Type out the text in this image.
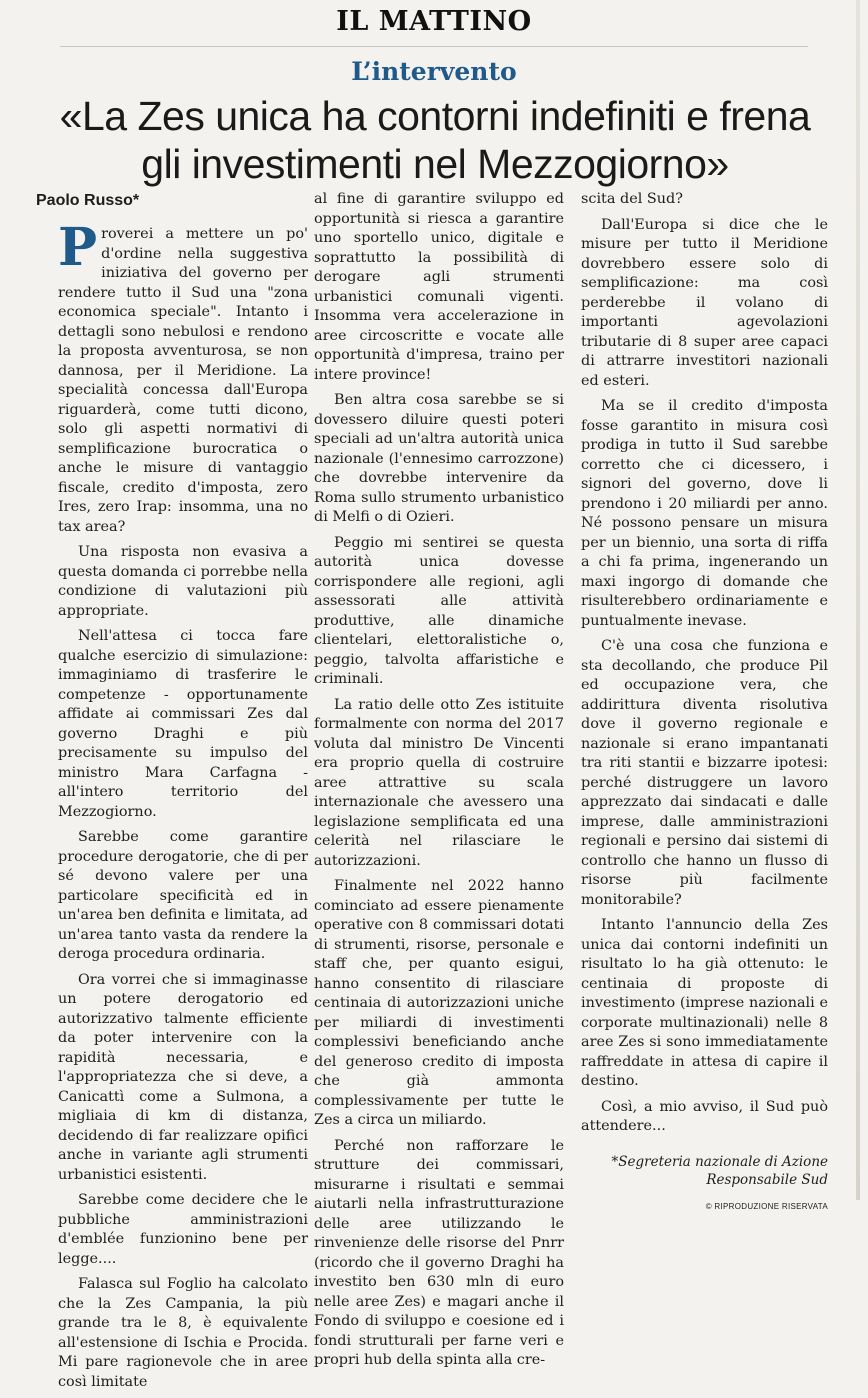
IL MATTINO
L’intervento
«La Zes unica ha contorni indefiniti e frena gli investimenti nel Mezzogiorno»
Paolo Russo*

Proverei a mettere un po' d'ordine nella suggestiva iniziativa del governo per rendere tutto il Sud una "zona economica speciale". Intanto i dettagli sono nebulosi e rendono la proposta avventurosa, se non dannosa, per il Meridione. La specialità concessa dall'Europa riguarderà, come tutti dicono, solo gli aspetti normativi di semplificazione burocratica o anche le misure di vantaggio fiscale, credito d'imposta, zero Ires, zero Irap: insomma, una no tax area?

Una risposta non evasiva a questa domanda ci porrebbe nella condizione di valutazioni più appropriate.

Nell'attesa ci tocca fare qualche esercizio di simulazione: immaginiamo di trasferire le competenze - opportunamente affidate ai commissari Zes dal governo Draghi e più precisamente su impulso del ministro Mara Carfagna - all'intero territorio del Mezzogiorno.

Sarebbe come garantire procedure derogatorie, che di per sé devono valere per una particolare specificità ed in un'area ben definita e limitata, ad un'area tanto vasta da rendere la deroga procedura ordinaria.

Ora vorrei che si immaginasse un potere derogatorio ed autorizzativo talmente efficiente da poter intervenire con la rapidità necessaria, e l'appropriatezza che si deve, a Canicattì come a Sulmona, a migliaia di km di distanza, decidendo di far realizzare opifici anche in variante agli strumenti urbanistici esistenti.

Sarebbe come decidere che le pubbliche amministrazioni d'emblée funzionino bene per legge....

Falasca sul Foglio ha calcolato che la Zes Campania, la più grande tra le 8, è equivalente all'estensione di Ischia e Procida. Mi pare ragionevole che in aree così limitate

al fine di garantire sviluppo ed opportunità si riesca a garantire uno sportello unico, digitale e soprattutto la possibilità di derogare agli strumenti urbanistici comunali vigenti. Insomma vera accelerazione in aree circoscritte e vocate alle opportunità d'impresa, traino per intere province!

Ben altra cosa sarebbe se si dovessero diluire questi poteri speciali ad un'altra autorità unica nazionale (l'ennesimo carrozzone) che dovrebbe intervenire da Roma sullo strumento urbanistico di Melfi o di Ozieri.

Peggio mi sentirei se questa autorità unica dovesse corrispondere alle regioni, agli assessorati alle attività produttive, alle dinamiche clientelari, elettoralistiche o, peggio, talvolta affaristiche e criminali.

La ratio delle otto Zes istituite formalmente con norma del 2017 voluta dal ministro De Vincenti era proprio quella di costruire aree attrattive su scala internazionale che avessero una legislazione semplificata ed una celerità nel rilasciare le autorizzazioni.

Finalmente nel 2022 hanno cominciato ad essere pienamente operative con 8 commissari dotati di strumenti, risorse, personale e staff che, per quanto esigui, hanno consentito di rilasciare centinaia di autorizzazioni uniche per miliardi di investimenti complessivi beneficiando anche del generoso credito di imposta che già ammonta complessivamente per tutte le Zes a circa un miliardo.

Perché non rafforzare le strutture dei commissari, misurarne i risultati e semmai aiutarli nella infrastrutturazione delle aree utilizzando le rinvenienze delle risorse del Pnrr (ricordo che il governo Draghi ha investito ben 630 mln di euro nelle aree Zes) e magari anche il Fondo di sviluppo e coesione ed i fondi strutturali per farne veri e propri hub della spinta alla cre-

scita del Sud?

Dall'Europa si dice che le misure per tutto il Meridione dovrebbero essere solo di semplificazione: ma così perderebbe il volano di importanti agevolazioni tributarie di 8 super aree capaci di attrarre investitori nazionali ed esteri.

Ma se il credito d'imposta fosse garantito in misura così prodiga in tutto il Sud sarebbe corretto che ci dicessero, i signori del governo, dove li prendono i 20 miliardi per anno. Né possono pensare un misura per un biennio, una sorta di riffa a chi fa prima, ingenerando un maxi ingorgo di domande che risulterebbero ordinariamente e puntualmente inevase.

C'è una cosa che funziona e sta decollando, che produce Pil ed occupazione vera, che addirittura diventa risolutiva dove il governo regionale e nazionale si erano impantanati tra riti stantii e bizzarre ipotesi: perché distruggere un lavoro apprezzato dai sindacati e dalle imprese, dalle amministrazioni regionali e persino dai sistemi di controllo che hanno un flusso di risorse più facilmente monitorabile?

Intanto l'annuncio della Zes unica dai contorni indefiniti un risultato lo ha già ottenuto: le centinaia di proposte di investimento (imprese nazionali e corporate multinazionali) nelle 8 aree Zes si sono immediatamente raffreddate in attesa di capire il destino.

Così, a mio avviso, il Sud può attendere...

*Segreteria nazionale di Azione
Responsabile Sud
© RIPRODUZIONE RISERVATA
